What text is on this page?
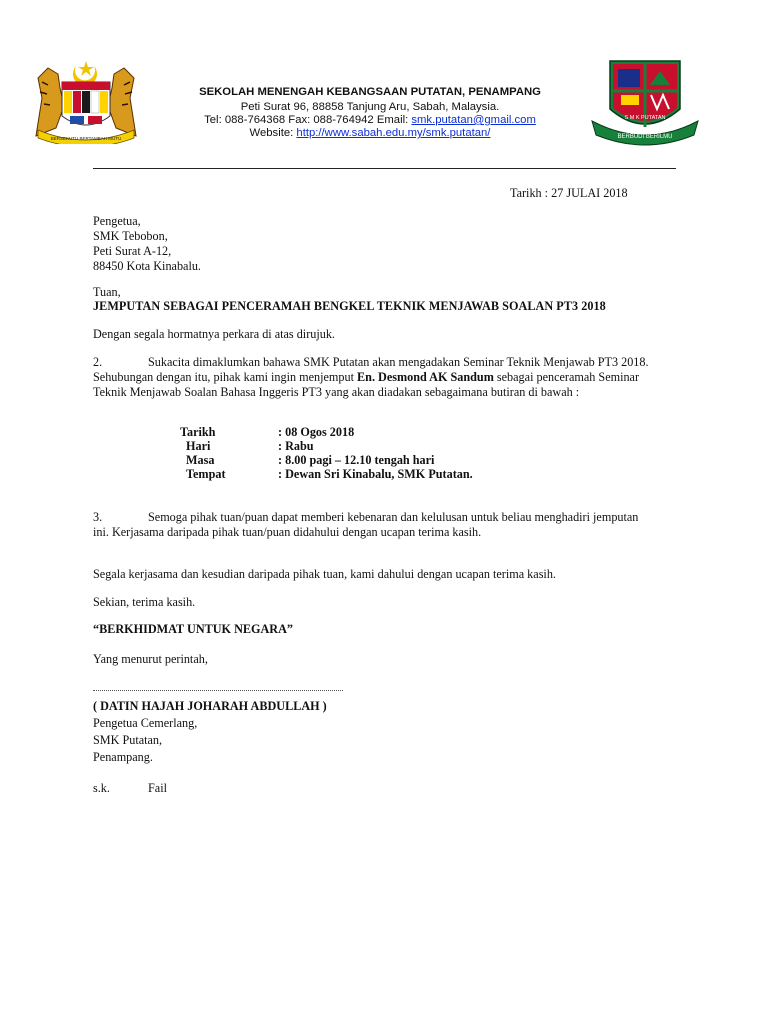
BERSEKUTU BERTAMBAH MUTU
S M K PUTATAN
BERBUDI BERILMU
SEKOLAH MENENGAH KEBANGSAAN PUTATAN, PENAMPANG
Peti Surat 96, 88858 Tanjung Aru, Sabah, Malaysia.
Tel: 088-764368 Fax: 088-764942 Email: smk.putatan@gmail.com
Website: http://www.sabah.edu.my/smk.putatan/
Tarikh : 27 JULAI 2018
Pengetua,
SMK Tebobon,
Peti Surat A-12,
88450 Kota Kinabalu.
Tuan,
JEMPUTAN SEBAGAI PENCERAMAH BENGKEL TEKNIK MENJAWAB SOALAN PT3 2018
Dengan segala hormatnya perkara di atas dirujuk.
2.	Sukacita dimaklumkan bahawa SMK Putatan akan mengadakan Seminar Teknik Menjawab PT3 2018.
Sehubungan dengan itu, pihak kami ingin menjemput En. Desmond AK Sandum sebagai penceramah Seminar
Teknik Menjawab Soalan Bahasa Inggeris PT3 yang akan diadakan sebagaimana butiran di bawah :
Tarikh	: 08 Ogos 2018
Hari	: Rabu
Masa	: 8.00 pagi – 12.10 tengah hari
Tempat	: Dewan Sri Kinabalu, SMK Putatan.
3.	Semoga pihak tuan/puan dapat memberi kebenaran dan kelulusan untuk beliau menghadiri jemputan
ini. Kerjasama daripada pihak tuan/puan didahului dengan ucapan terima kasih.
Segala kerjasama dan kesudian daripada pihak tuan, kami dahului dengan ucapan terima kasih.
Sekian, terima kasih.
“BERKHIDMAT UNTUK NEGARA”
Yang menurut perintah,
( DATIN HAJAH JOHARAH ABDULLAH )
Pengetua Cemerlang,
SMK Putatan,
Penampang.
s.k.	Fail
